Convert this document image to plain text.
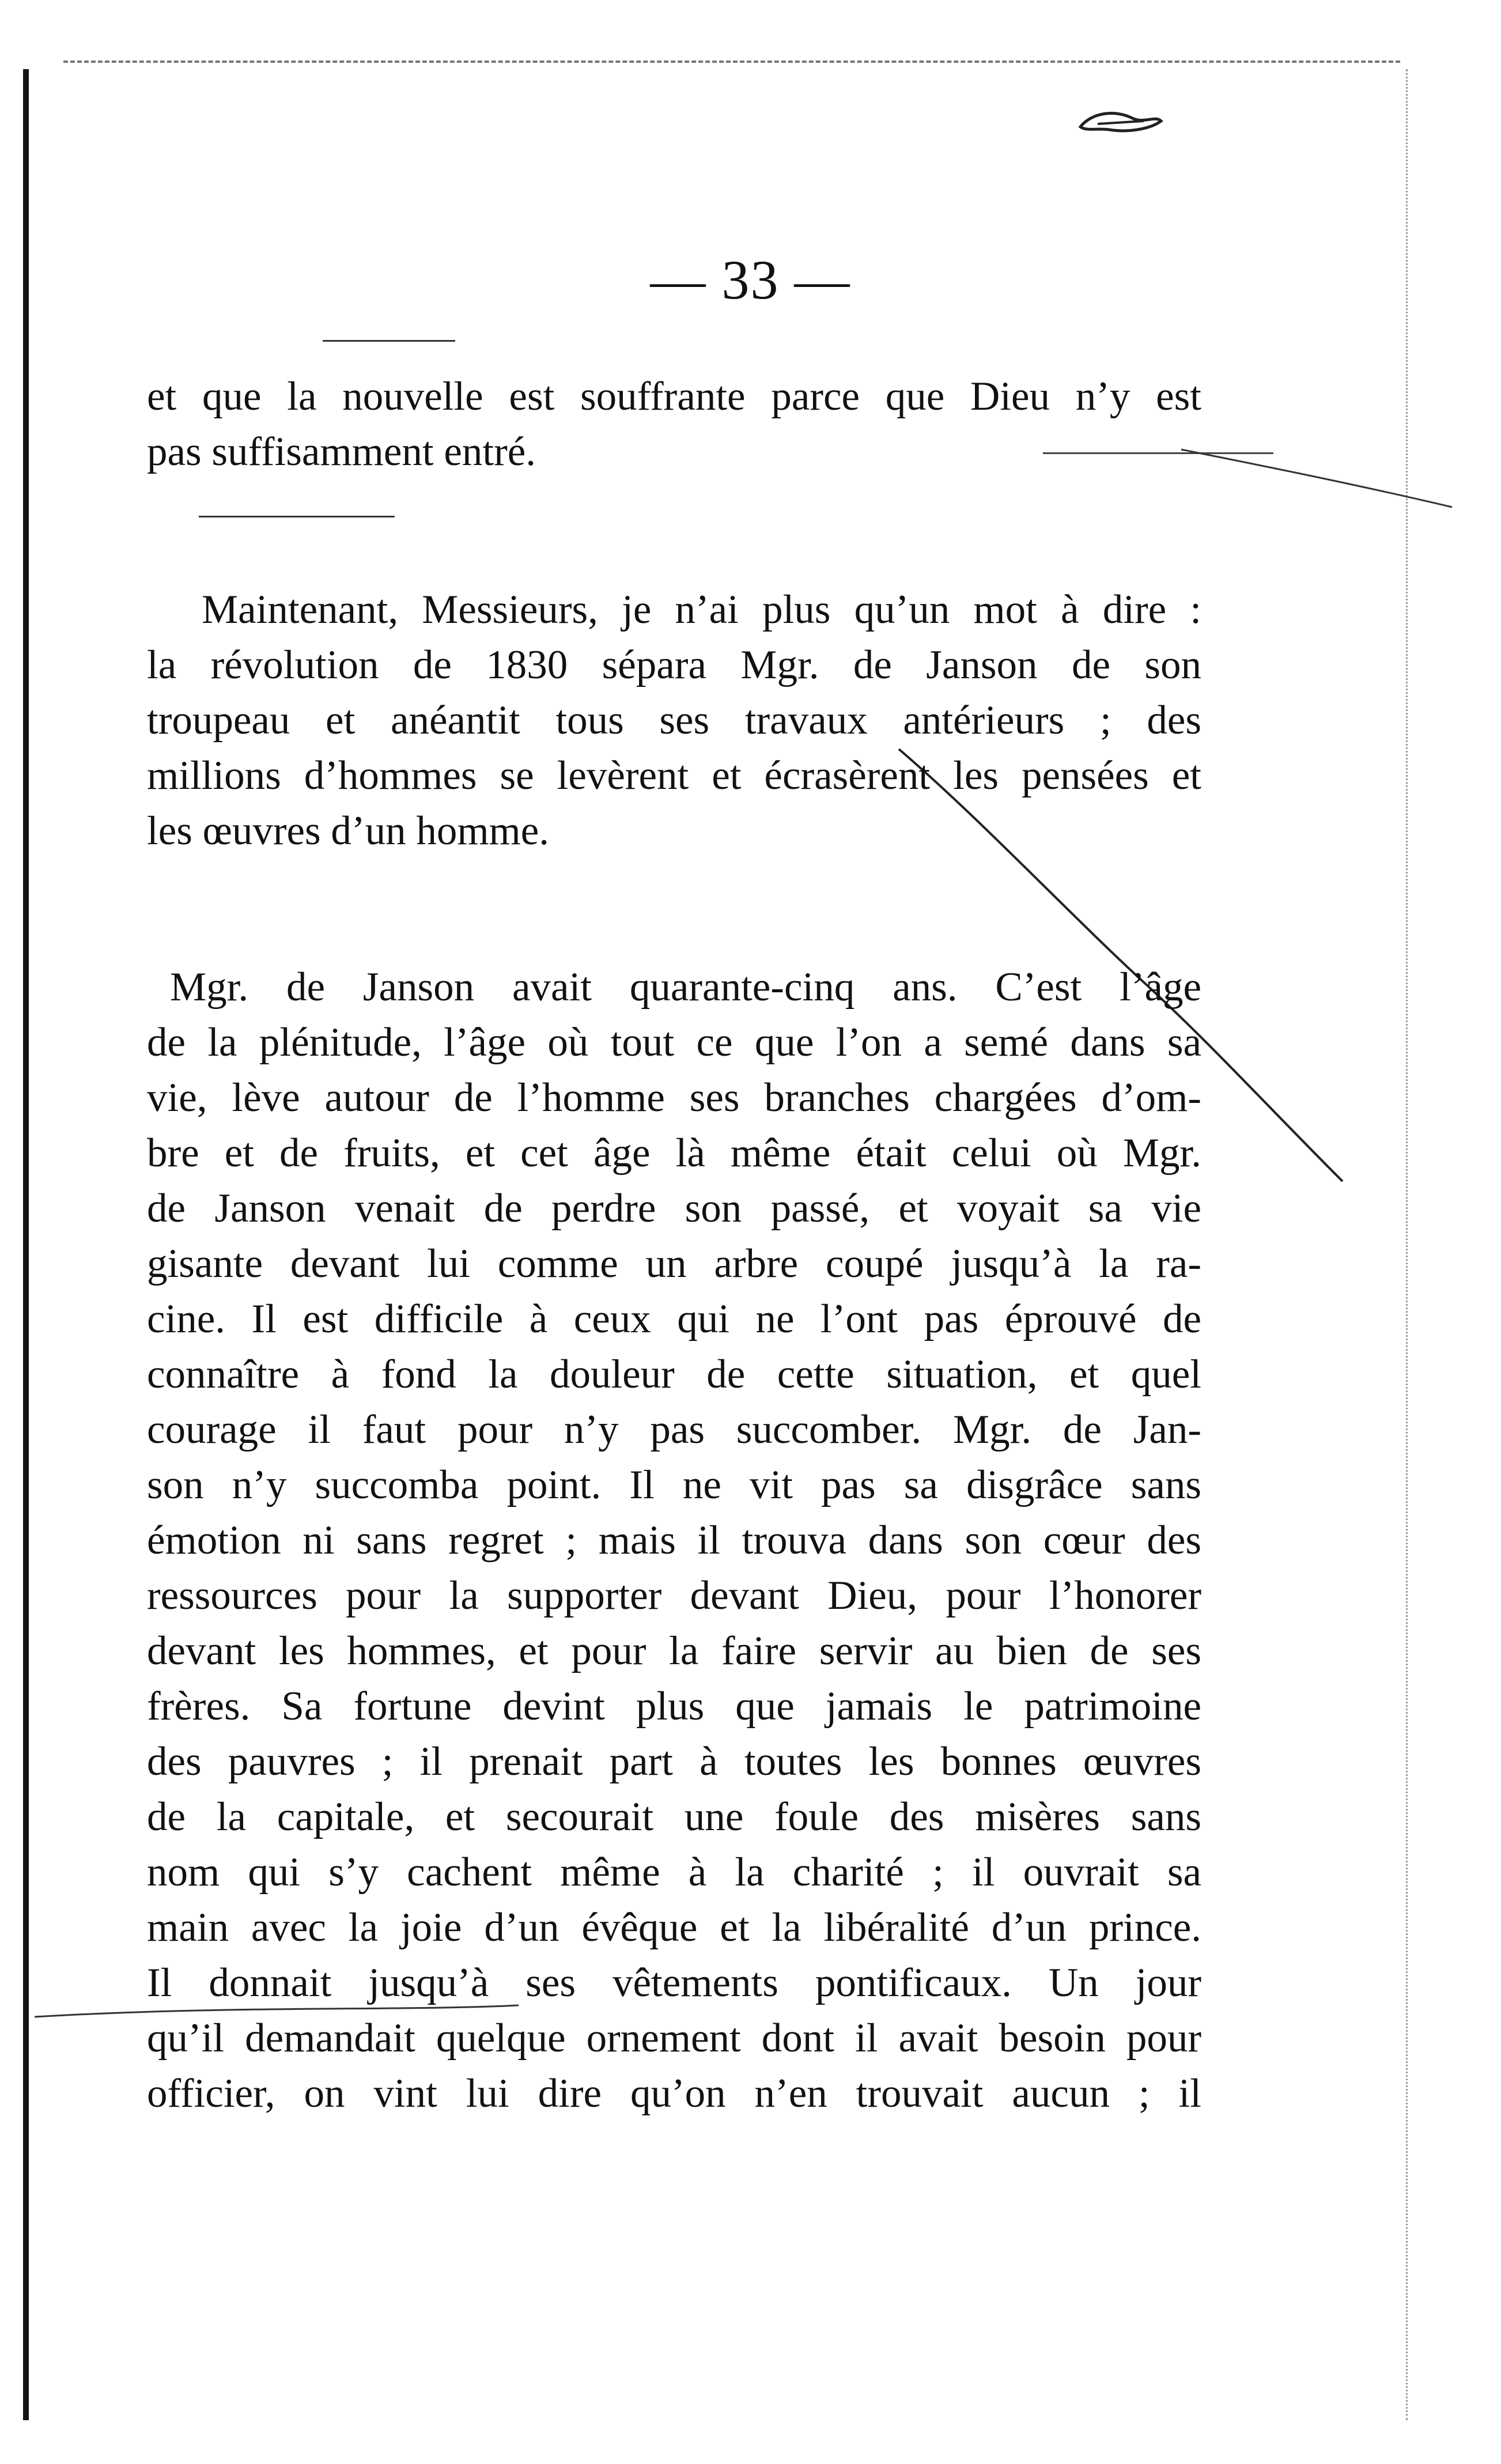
— 33 —
et que la nouvelle est souffrante parce que Dieu n’y est
pas suffisamment entré.
Maintenant, Messieurs, je n’ai plus qu’un mot à dire :
la révolution de 1830 sépara Mgr. de Janson de son
troupeau et anéantit tous ses travaux antérieurs ; des
millions d’hommes se levèrent et écrasèrent les pensées et
les œuvres d’un homme.
Mgr. de Janson avait quarante-cinq ans. C’est l’âge
de la plénitude, l’âge où tout ce que l’on a semé dans sa
vie, lève autour de l’homme ses branches chargées d’om-
bre et de fruits, et cet âge là même était celui où Mgr.
de Janson venait de perdre son passé, et voyait sa vie
gisante devant lui comme un arbre coupé jusqu’à la ra-
cine. Il est difficile à ceux qui ne l’ont pas éprouvé de
connaître à fond la douleur de cette situation, et quel
courage il faut pour n’y pas succomber. Mgr. de Jan-
son n’y succomba point. Il ne vit pas sa disgrâce sans
émotion ni sans regret ; mais il trouva dans son cœur des
ressources pour la supporter devant Dieu, pour l’honorer
devant les hommes, et pour la faire servir au bien de ses
frères. Sa fortune devint plus que jamais le patrimoine
des pauvres ; il prenait part à toutes les bonnes œuvres
de la capitale, et secourait une foule des misères sans
nom qui s’y cachent même à la charité ; il ouvrait sa
main avec la joie d’un évêque et la libéralité d’un prince.
Il donnait jusqu’à ses vêtements pontificaux. Un jour
qu’il demandait quelque ornement dont il avait besoin pour
officier, on vint lui dire qu’on n’en trouvait aucun ; il
